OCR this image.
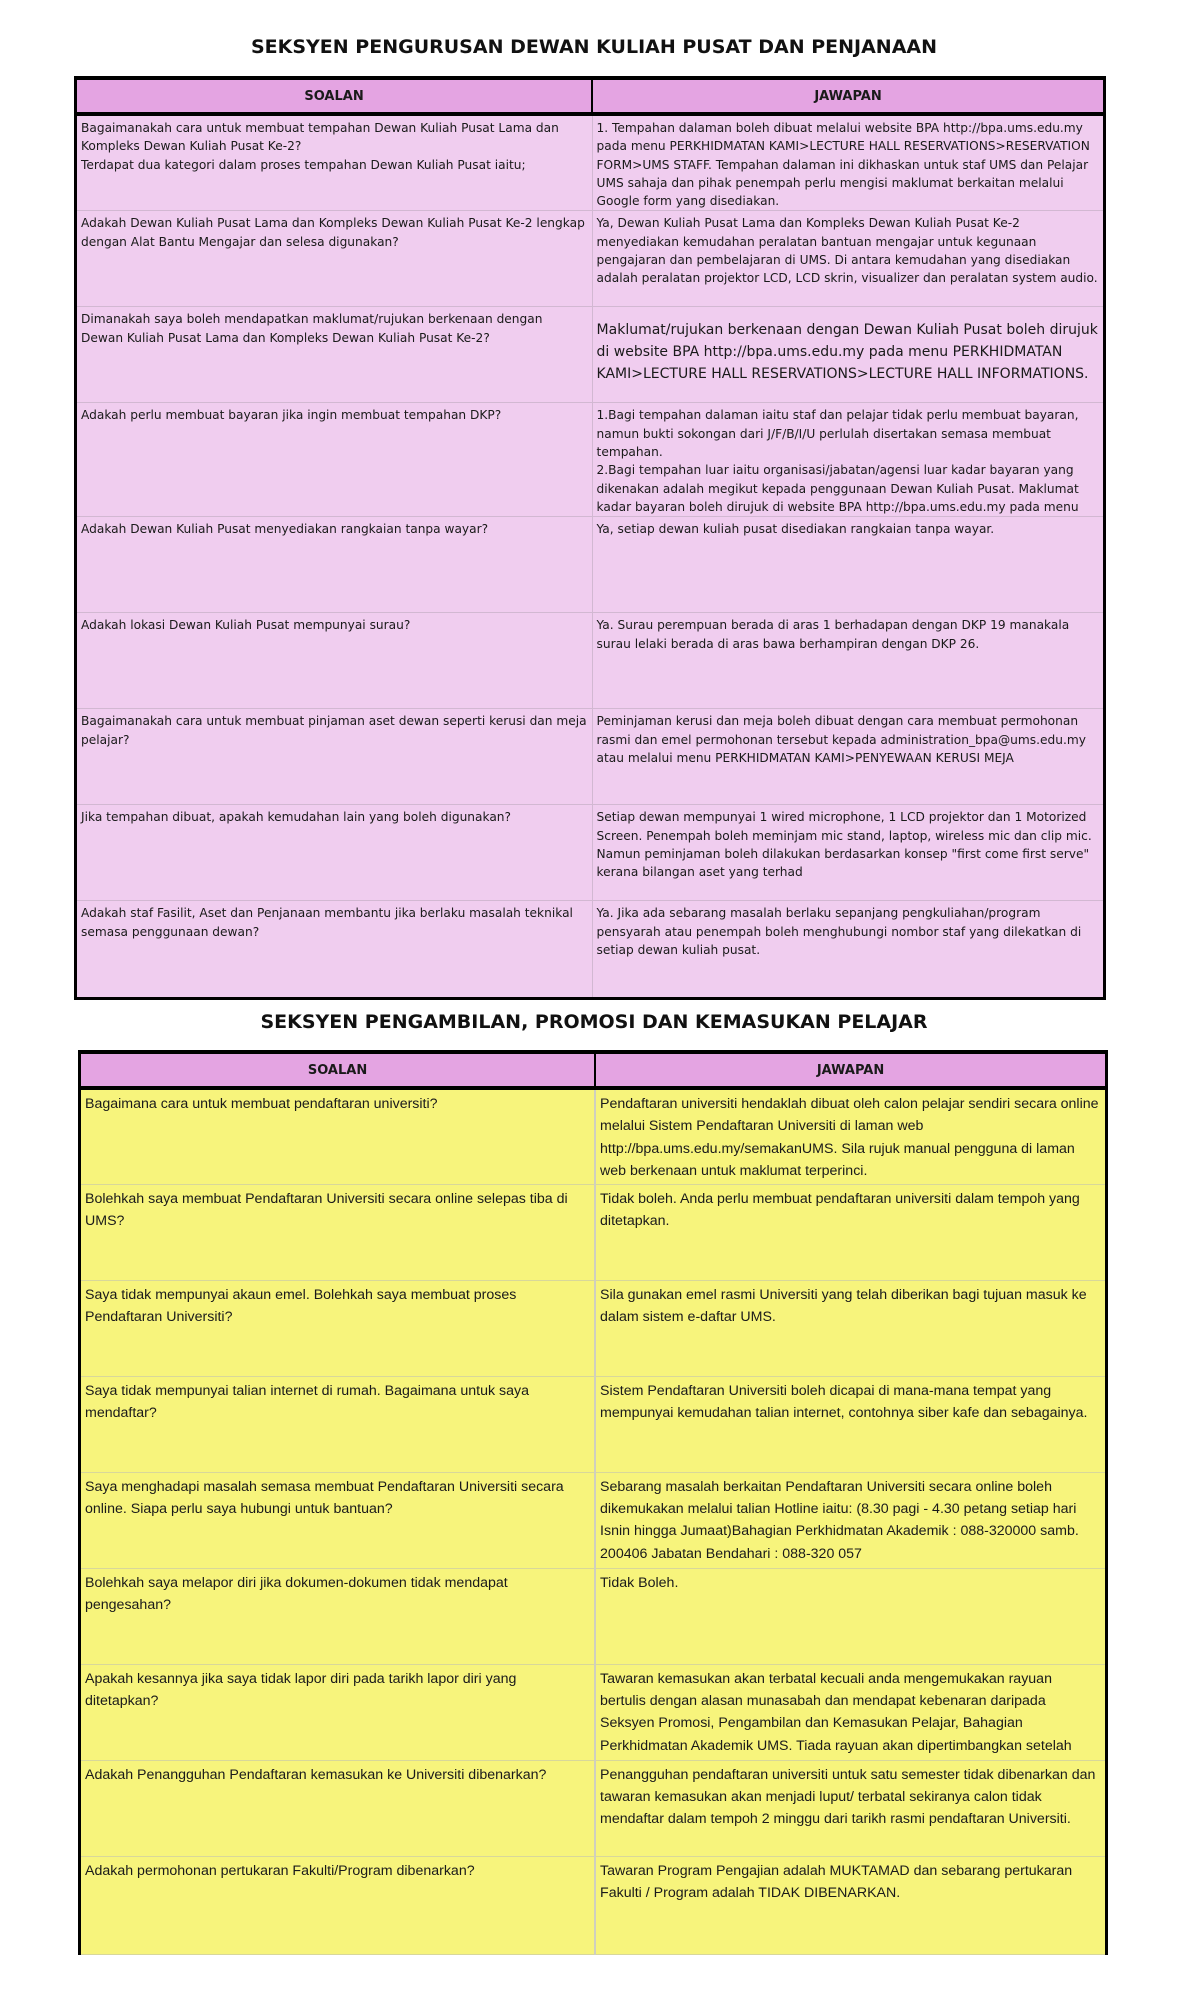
SEKSYEN PENGURUSAN DEWAN KULIAH PUSAT DAN PENJANAAN
SOALAN	JAWAPAN
Bagaimanakah cara untuk membuat tempahan Dewan Kuliah Pusat Lama dan Kompleks Dewan Kuliah Pusat Ke-2?
Terdapat dua kategori dalam proses tempahan Dewan Kuliah Pusat iaitu;	1. Tempahan dalaman boleh dibuat melalui website BPA http://bpa.ums.edu.my pada menu PERKHIDMATAN KAMI>LECTURE HALL RESERVATIONS>RESERVATION FORM>UMS STAFF. Tempahan dalaman ini dikhaskan untuk staf UMS dan Pelajar UMS sahaja dan pihak penempah perlu mengisi maklumat berkaitan melalui Google form yang disediakan.
Adakah Dewan Kuliah Pusat Lama dan Kompleks Dewan Kuliah Pusat Ke-2 lengkap dengan Alat Bantu Mengajar dan selesa digunakan?	Ya, Dewan Kuliah Pusat Lama dan Kompleks Dewan Kuliah Pusat Ke-2 menyediakan kemudahan peralatan bantuan mengajar untuk kegunaan pengajaran dan pembelajaran di UMS. Di antara kemudahan yang disediakan adalah peralatan projektor LCD, LCD skrin, visualizer dan peralatan system audio.
Dimanakah saya boleh mendapatkan maklumat/rujukan berkenaan dengan Dewan Kuliah Pusat Lama dan Kompleks Dewan Kuliah Pusat Ke-2?	Maklumat/rujukan berkenaan dengan Dewan Kuliah Pusat boleh dirujuk di website BPA http://bpa.ums.edu.my pada menu PERKHIDMATAN KAMI>LECTURE HALL RESERVATIONS>LECTURE HALL INFORMATIONS.
Adakah perlu membuat bayaran jika ingin membuat tempahan DKP?	1.Bagi tempahan dalaman iaitu staf dan pelajar tidak perlu membuat bayaran, namun bukti sokongan dari J/F/B/I/U perlulah disertakan semasa membuat tempahan.
2.Bagi tempahan luar iaitu organisasi/jabatan/agensi luar kadar bayaran yang dikenakan adalah megikut kepada penggunaan Dewan Kuliah Pusat. Maklumat kadar bayaran boleh dirujuk di website BPA http://bpa.ums.edu.my pada menu
Adakah Dewan Kuliah Pusat menyediakan rangkaian tanpa wayar?	Ya, setiap dewan kuliah pusat disediakan rangkaian tanpa wayar.
Adakah lokasi Dewan Kuliah Pusat mempunyai surau?	Ya. Surau perempuan berada di aras 1 berhadapan dengan DKP 19 manakala surau lelaki berada di aras bawa berhampiran dengan DKP 26.
Bagaimanakah cara untuk membuat pinjaman aset dewan seperti kerusi dan meja pelajar?	Peminjaman kerusi dan meja boleh dibuat dengan cara membuat permohonan rasmi dan emel permohonan tersebut kepada administration_bpa@ums.edu.my atau melalui menu PERKHIDMATAN KAMI>PENYEWAAN KERUSI MEJA
Jika tempahan dibuat, apakah kemudahan lain yang boleh digunakan?	Setiap dewan mempunyai 1 wired microphone, 1 LCD projektor dan 1 Motorized Screen. Penempah boleh meminjam mic stand, laptop, wireless mic dan clip mic. Namun peminjaman boleh dilakukan berdasarkan konsep "first come first serve" kerana bilangan aset yang terhad
Adakah staf Fasilit, Aset dan Penjanaan membantu jika berlaku masalah teknikal semasa penggunaan dewan?	Ya. Jika ada sebarang masalah berlaku sepanjang pengkuliahan/program pensyarah atau penempah boleh menghubungi nombor staf yang dilekatkan di setiap dewan kuliah pusat.
SEKSYEN PENGAMBILAN, PROMOSI DAN KEMASUKAN PELAJAR
SOALAN	JAWAPAN
Bagaimana cara untuk membuat pendaftaran universiti?	Pendaftaran universiti hendaklah dibuat oleh calon pelajar sendiri secara online melalui Sistem Pendaftaran Universiti di laman web http://bpa.ums.edu.my/semakanUMS. Sila rujuk manual pengguna di laman web berkenaan untuk maklumat terperinci.
Bolehkah saya membuat Pendaftaran Universiti secara online selepas tiba di UMS?	Tidak boleh. Anda perlu membuat pendaftaran universiti dalam tempoh yang ditetapkan.
Saya tidak mempunyai akaun emel. Bolehkah saya membuat proses Pendaftaran Universiti?	Sila gunakan emel rasmi Universiti yang telah diberikan bagi tujuan masuk ke dalam sistem e-daftar UMS.
Saya tidak mempunyai talian internet di rumah. Bagaimana untuk saya mendaftar?	Sistem Pendaftaran Universiti boleh dicapai di mana-mana tempat yang mempunyai kemudahan talian internet, contohnya siber kafe dan sebagainya.
Saya menghadapi masalah semasa membuat Pendaftaran Universiti secara online. Siapa perlu saya hubungi untuk bantuan?	Sebarang masalah berkaitan Pendaftaran Universiti secara online boleh dikemukakan melalui talian Hotline iaitu: (8.30 pagi - 4.30 petang setiap hari Isnin hingga Jumaat)Bahagian Perkhidmatan Akademik : 088-320000 samb. 200406 Jabatan Bendahari : 088-320 057
Bolehkah saya melapor diri jika dokumen-dokumen tidak mendapat pengesahan?	Tidak Boleh.
Apakah kesannya jika saya tidak lapor diri pada tarikh lapor diri yang ditetapkan?	Tawaran kemasukan akan terbatal kecuali anda mengemukakan rayuan bertulis dengan alasan munasabah dan mendapat kebenaran daripada Seksyen Promosi, Pengambilan dan Kemasukan Pelajar, Bahagian Perkhidmatan Akademik UMS. Tiada rayuan akan dipertimbangkan setelah
Adakah Penangguhan Pendaftaran kemasukan ke Universiti dibenarkan?	Penangguhan pendaftaran universiti untuk satu semester tidak dibenarkan dan tawaran kemasukan akan menjadi luput/ terbatal sekiranya calon tidak mendaftar dalam tempoh 2 minggu dari tarikh rasmi pendaftaran Universiti.
Adakah permohonan pertukaran Fakulti/Program dibenarkan?	Tawaran Program Pengajian adalah MUKTAMAD dan sebarang pertukaran Fakulti / Program adalah TIDAK DIBENARKAN.
